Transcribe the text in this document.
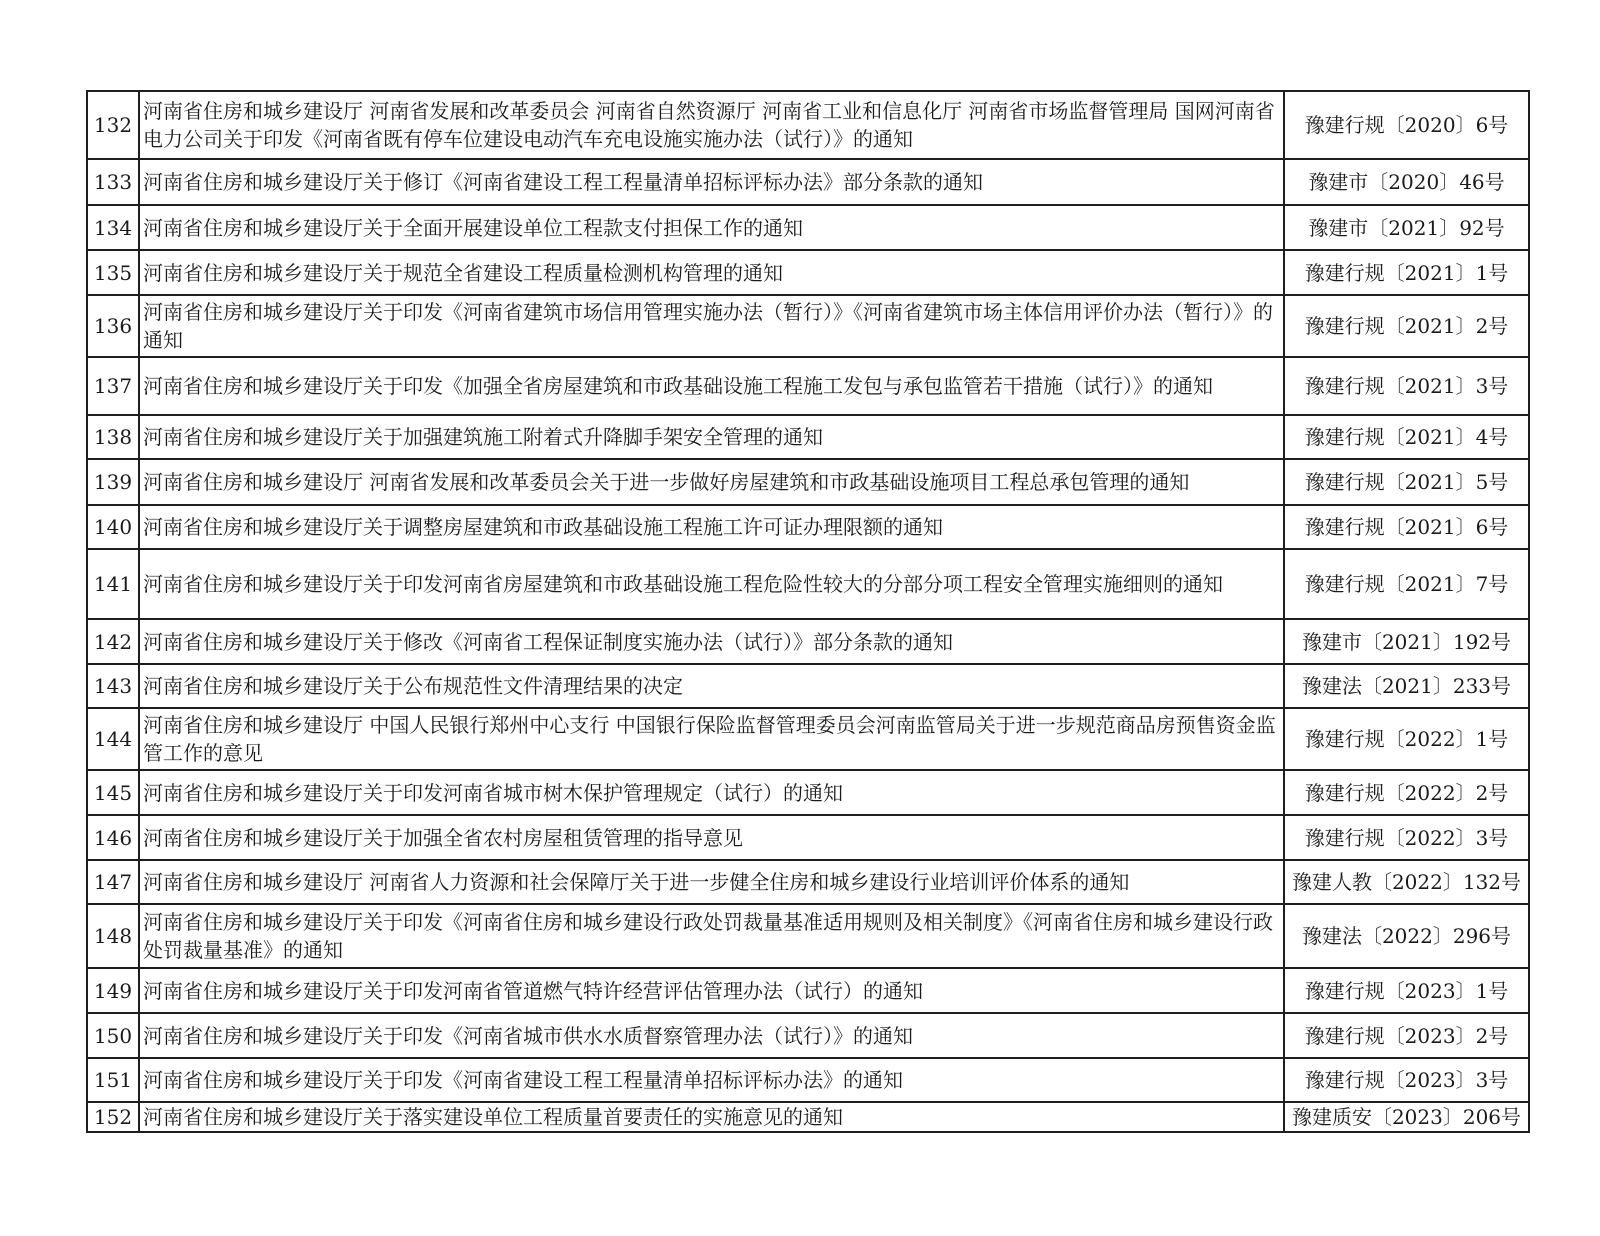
132	河南省住房和城乡建设厅 河南省发展和改革委员会 河南省自然资源厅 河南省工业和信息化厅 河南省市场监督管理局 国网河南省电力公司关于印发《河南省既有停车位建设电动汽车充电设施实施办法（试行）》的通知	豫建行规〔2020〕6号
133	河南省住房和城乡建设厅关于修订《河南省建设工程工程量清单招标评标办法》部分条款的通知	豫建市〔2020〕46号
134	河南省住房和城乡建设厅关于全面开展建设单位工程款支付担保工作的通知	豫建市〔2021〕92号
135	河南省住房和城乡建设厅关于规范全省建设工程质量检测机构管理的通知	豫建行规〔2021〕1号
136	河南省住房和城乡建设厅关于印发《河南省建筑市场信用管理实施办法（暂行）》《河南省建筑市场主体信用评价办法（暂行）》的通知	豫建行规〔2021〕2号
137	河南省住房和城乡建设厅关于印发《加强全省房屋建筑和市政基础设施工程施工发包与承包监管若干措施（试行）》的通知	豫建行规〔2021〕3号
138	河南省住房和城乡建设厅关于加强建筑施工附着式升降脚手架安全管理的通知	豫建行规〔2021〕4号
139	河南省住房和城乡建设厅 河南省发展和改革委员会关于进一步做好房屋建筑和市政基础设施项目工程总承包管理的通知	豫建行规〔2021〕5号
140	河南省住房和城乡建设厅关于调整房屋建筑和市政基础设施工程施工许可证办理限额的通知	豫建行规〔2021〕6号
141	河南省住房和城乡建设厅关于印发河南省房屋建筑和市政基础设施工程危险性较大的分部分项工程安全管理实施细则的通知	豫建行规〔2021〕7号
142	河南省住房和城乡建设厅关于修改《河南省工程保证制度实施办法（试行）》部分条款的通知	豫建市〔2021〕192号
143	河南省住房和城乡建设厅关于公布规范性文件清理结果的决定	豫建法〔2021〕233号
144	河南省住房和城乡建设厅 中国人民银行郑州中心支行 中国银行保险监督管理委员会河南监管局关于进一步规范商品房预售资金监管工作的意见	豫建行规〔2022〕1号
145	河南省住房和城乡建设厅关于印发河南省城市树木保护管理规定（试行）的通知	豫建行规〔2022〕2号
146	河南省住房和城乡建设厅关于加强全省农村房屋租赁管理的指导意见	豫建行规〔2022〕3号
147	河南省住房和城乡建设厅 河南省人力资源和社会保障厅关于进一步健全住房和城乡建设行业培训评价体系的通知	豫建人教〔2022〕132号
148	河南省住房和城乡建设厅关于印发《河南省住房和城乡建设行政处罚裁量基准适用规则及相关制度》《河南省住房和城乡建设行政处罚裁量基准》的通知	豫建法〔2022〕296号
149	河南省住房和城乡建设厅关于印发河南省管道燃气特许经营评估管理办法（试行）的通知	豫建行规〔2023〕1号
150	河南省住房和城乡建设厅关于印发《河南省城市供水水质督察管理办法（试行）》的通知	豫建行规〔2023〕2号
151	河南省住房和城乡建设厅关于印发《河南省建设工程工程量清单招标评标办法》的通知	豫建行规〔2023〕3号
152	河南省住房和城乡建设厅关于落实建设单位工程质量首要责任的实施意见的通知	豫建质安〔2023〕206号
